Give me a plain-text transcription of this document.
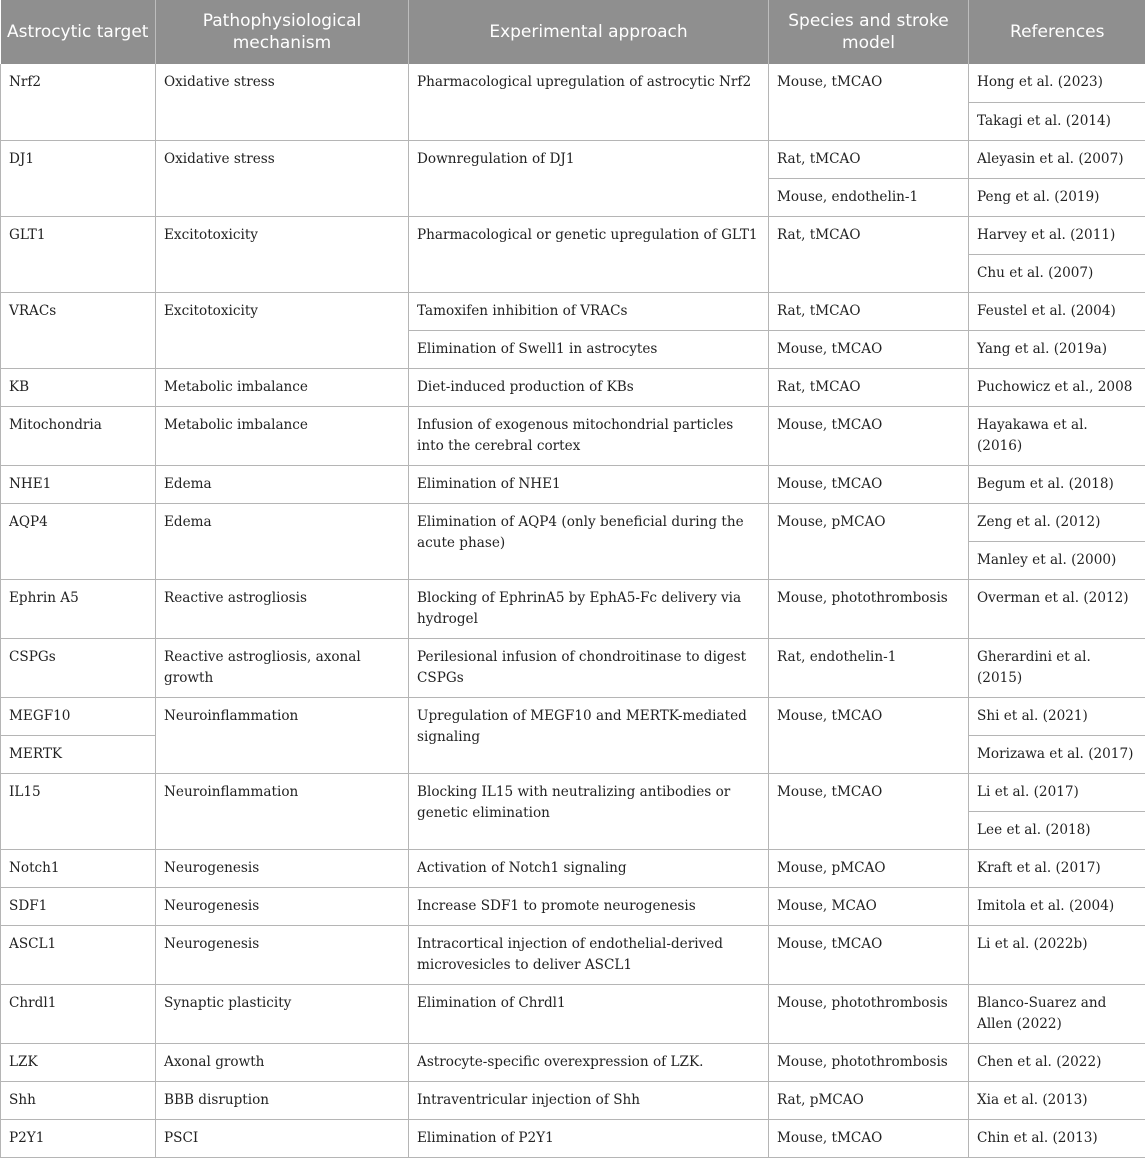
Astrocytic target	Pathophysiological mechanism	Experimental approach	Species and stroke model	References
Nrf2	Oxidative stress	Pharmacological upregulation of astrocytic Nrf2	Mouse, tMCAO	Hong et al. (2023)
				Takagi et al. (2014)
DJ1	Oxidative stress	Downregulation of DJ1	Rat, tMCAO	Aleyasin et al. (2007)
			Mouse, endothelin-1	Peng et al. (2019)
GLT1	Excitotoxicity	Pharmacological or genetic upregulation of GLT1	Rat, tMCAO	Harvey et al. (2011)
				Chu et al. (2007)
VRACs	Excitotoxicity	Tamoxifen inhibition of VRACs	Rat, tMCAO	Feustel et al. (2004)
		Elimination of Swell1 in astrocytes	Mouse, tMCAO	Yang et al. (2019a)
KB	Metabolic imbalance	Diet-induced production of KBs	Rat, tMCAO	Puchowicz et al., 2008
Mitochondria	Metabolic imbalance	Infusion of exogenous mitochondrial particles into the cerebral cortex	Mouse, tMCAO	Hayakawa et al. (2016)
NHE1	Edema	Elimination of NHE1	Mouse, tMCAO	Begum et al. (2018)
AQP4	Edema	Elimination of AQP4 (only beneficial during the acute phase)	Mouse, pMCAO	Zeng et al. (2012)
				Manley et al. (2000)
Ephrin A5	Reactive astrogliosis	Blocking of EphrinA5 by EphA5-Fc delivery via hydrogel	Mouse, photothrombosis	Overman et al. (2012)
CSPGs	Reactive astrogliosis, axonal growth	Perilesional infusion of chondroitinase to digest CSPGs	Rat, endothelin-1	Gherardini et al. (2015)
MEGF10	Neuroinflammation	Upregulation of MEGF10 and MERTK-mediated signaling	Mouse, tMCAO	Shi et al. (2021)
MERTK				Morizawa et al. (2017)
IL15	Neuroinflammation	Blocking IL15 with neutralizing antibodies or genetic elimination	Mouse, tMCAO	Li et al. (2017)
				Lee et al. (2018)
Notch1	Neurogenesis	Activation of Notch1 signaling	Mouse, pMCAO	Kraft et al. (2017)
SDF1	Neurogenesis	Increase SDF1 to promote neurogenesis	Mouse, MCAO	Imitola et al. (2004)
ASCL1	Neurogenesis	Intracortical injection of endothelial-derived microvesicles to deliver ASCL1	Mouse, tMCAO	Li et al. (2022b)
Chrdl1	Synaptic plasticity	Elimination of Chrdl1	Mouse, photothrombosis	Blanco-Suarez and Allen (2022)
LZK	Axonal growth	Astrocyte-specific overexpression of LZK.	Mouse, photothrombosis	Chen et al. (2022)
Shh	BBB disruption	Intraventricular injection of Shh	Rat, pMCAO	Xia et al. (2013)
P2Y1	PSCI	Elimination of P2Y1	Mouse, tMCAO	Chin et al. (2013)
